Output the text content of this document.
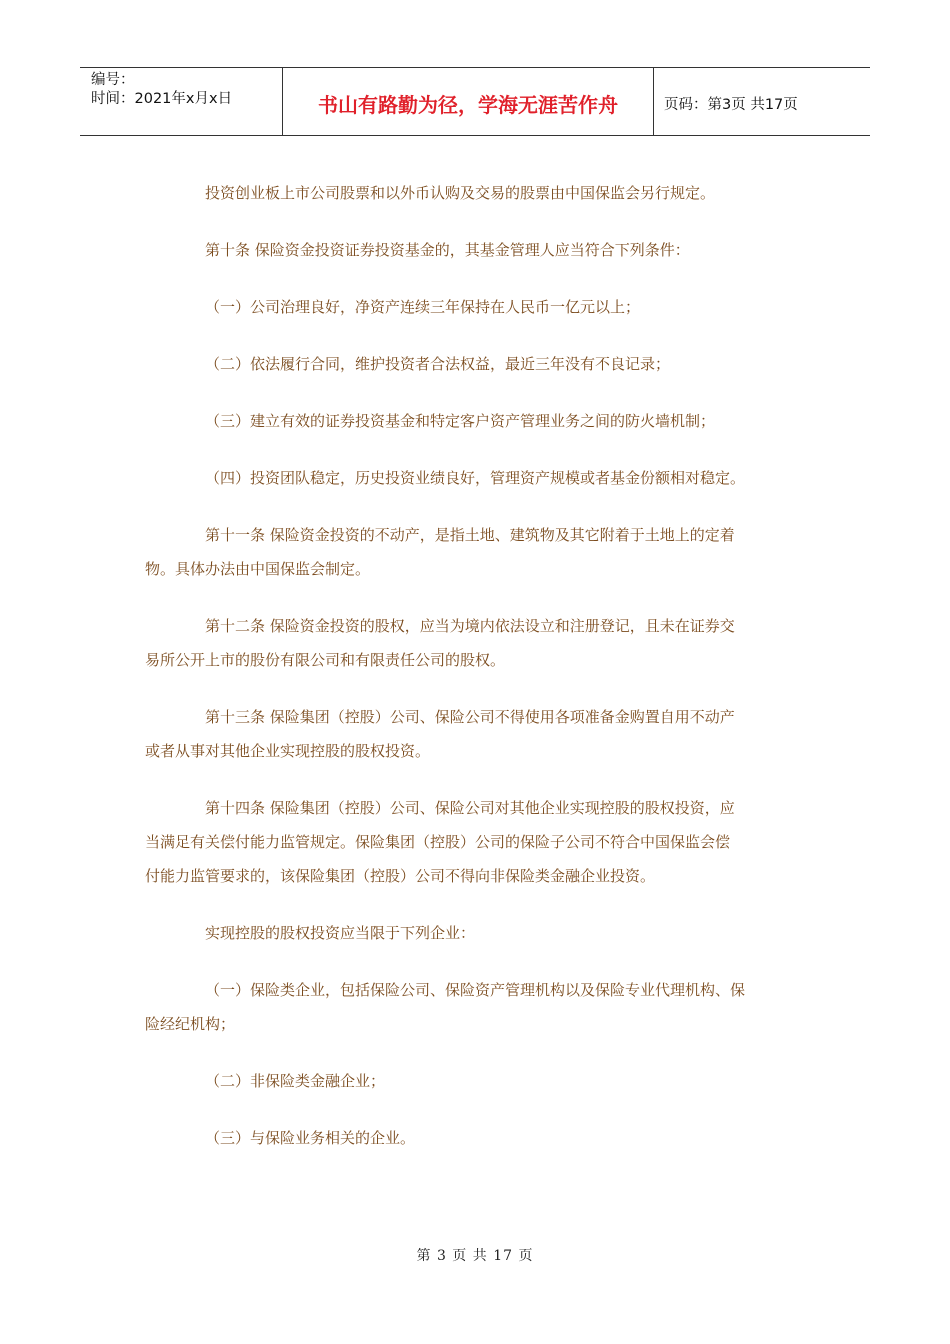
编号：
时间：2021年x月x日	书山有路勤为径，学海无涯苦作舟	页码：第3页 共17页
投资创业板上市公司股票和以外币认购及交易的股票由中国保监会另行规定。
第十条 保险资金投资证券投资基金的，其基金管理人应当符合下列条件：
（一）公司治理良好，净资产连续三年保持在人民币一亿元以上；
（二）依法履行合同，维护投资者合法权益，最近三年没有不良记录；
（三）建立有效的证券投资基金和特定客户资产管理业务之间的防火墙机制；
（四）投资团队稳定，历史投资业绩良好，管理资产规模或者基金份额相对稳定。
第十一条 保险资金投资的不动产，是指土地、建筑物及其它附着于土地上的定着
物。具体办法由中国保监会制定。
第十二条 保险资金投资的股权，应当为境内依法设立和注册登记，且未在证券交
易所公开上市的股份有限公司和有限责任公司的股权。
第十三条 保险集团（控股）公司、保险公司不得使用各项准备金购置自用不动产
或者从事对其他企业实现控股的股权投资。
第十四条 保险集团（控股）公司、保险公司对其他企业实现控股的股权投资，应
当满足有关偿付能力监管规定。保险集团（控股）公司的保险子公司不符合中国保监会偿
付能力监管要求的，该保险集团（控股）公司不得向非保险类金融企业投资。
实现控股的股权投资应当限于下列企业：
（一）保险类企业，包括保险公司、保险资产管理机构以及保险专业代理机构、保
险经纪机构；
（二）非保险类金融企业；
（三）与保险业务相关的企业。
第 3 页 共 17 页
